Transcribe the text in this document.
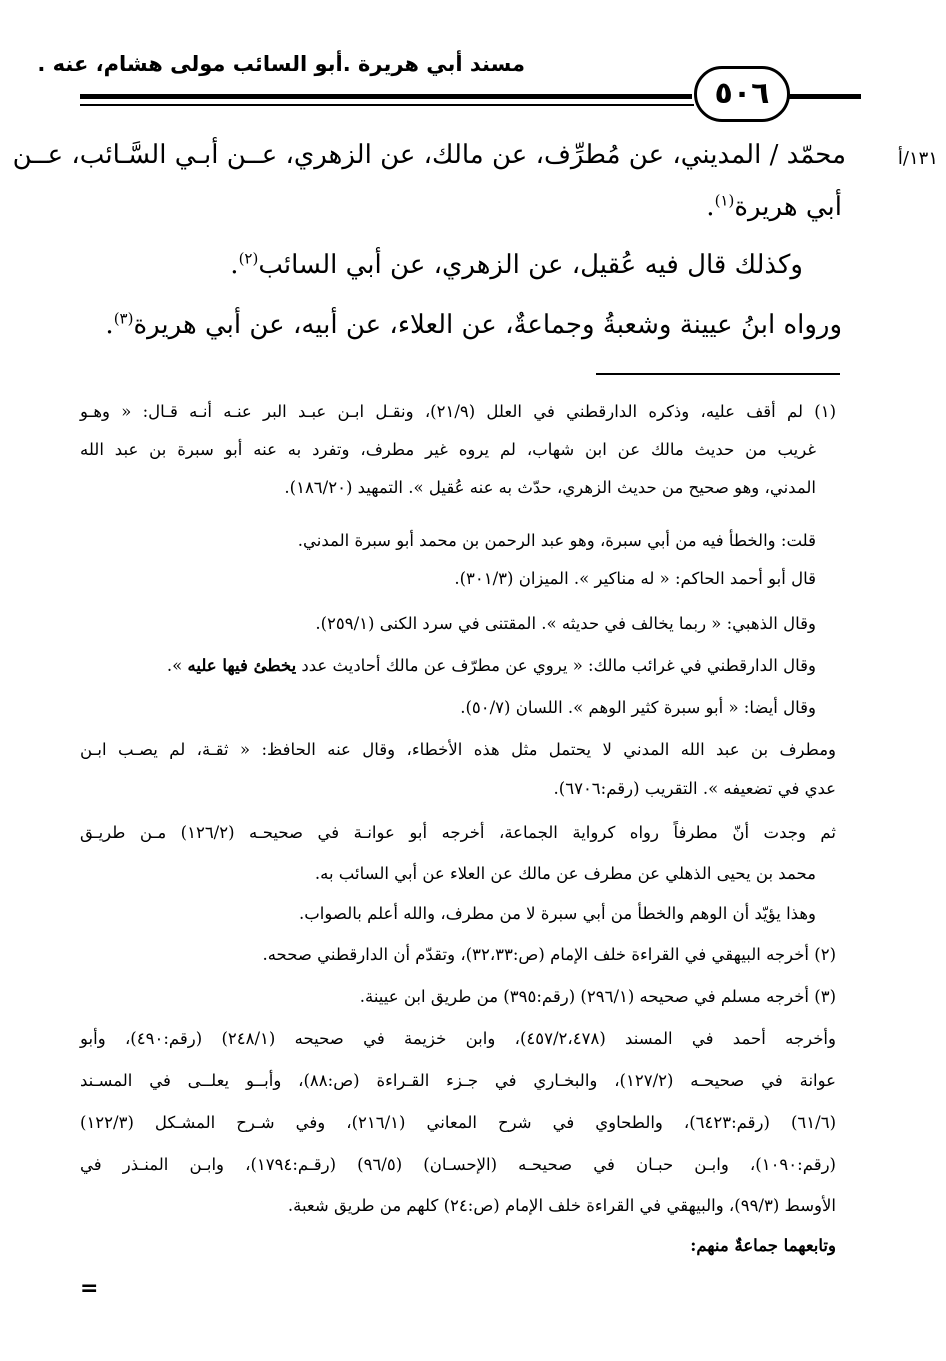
مسند أبي هريرة .أبو السائب مولى هشام، عنه .
٥٠٦
١٣١/أ
محمّد / المديني، عن مُطرِّف، عن مالك، عن الزهري، عــن أبـي السَّـائب، عــن
أبي هريرة$^{(١)}$.
وكذلك قال فيه عُقيل، عن الزهري، عن أبي السائب$^{(٢)}$.
ورواه ابنُ عيينة وشعبةُ وجماعةٌ، عن العلاء، عن أبيه، عن أبي هريرة$^{(٣)}$.
(١) لم أقف عليه، وذكره الدارقطني في العلل (٢١/٩)، ونقـل ابـن عبـد البر عنـه أنـه قـال: « وهـو
غريب من حديث مالك عن ابن شهاب، لم يروه غير مطرف، وتفرد به عنه أبو سبرة بن عبد الله
المدني، وهو صحيح من حديث الزهري، حدّث به عنه عُقيل ». التمهيد (١٨٦/٢٠).
قلت: والخطأ فيه من أبي سبرة، وهو عبد الرحمن بن محمد أبو سبرة المدني.
قال أبو أحمد الحاكم: « له مناكير ». الميزان (٣٠١/٣).
وقال الذهبي: « ربما يخالف في حديثه ». المقتنى في سرد الكنى (٢٥٩/١).
وقال الدارقطني في غرائب مالك: « يروي عن مطرّف عن مالك أحاديث عدد يخطئ فيها عليه ».
وقال أيضا: « أبو سبرة كثير الوهم ». اللسان (٥٠/٧).
ومطرف بن عبد الله المدني لا يحتمل مثل هذه الأخطاء، وقال عنه الحافظ: « ثقـة، لم يصـب ابـن
عدي في تضعيفه ». التقريب (رقم:٦٧٠٦).
ثم وجدت أنّ مطرفاً رواه كرواية الجماعة، أخرجه أبو عوانـة في صحيحـه (١٢٦/٢) مـن طريـق
محمد بن يحيى الذهلي عن مطرف عن مالك عن العلاء عن أبي السائب به.
وهذا يؤيّد أن الوهم والخطأ من أبي سبرة لا من مطرف، والله أعلم بالصواب.
(٢) أخرجه البيهقي في القراءة خلف الإمام (ص:٣٢،٣٣)، وتقدّم أن الدارقطني صححه.
(٣) أخرجه مسلم في صحيحه (٢٩٦/١) (رقم:٣٩٥) من طريق ابن عيينة.
وأخرجه أحمد في المسند (٤٥٧/٢،٤٧٨)، وابن خزيمة في صحيحه (٢٤٨/١) (رقم:٤٩٠)، وأبو
عوانة في صحيحـه (١٢٧/٢)، والبخـاري في جـزء القـراءة (ص:٨٨)، وأبــو يعلــى في المسـند
(٦١/٦) (رقم:٦٤٢٣)، والطحاوي في شرح المعاني (٢١٦/١)، وفي شـرح المشـكل (١٢٢/٣)
(رقم:١٠٩٠)، وابـن حبـان في صحيحـه (الإحسـان) (٩٦/٥) (رقـم:١٧٩٤)، وابـن المنـذر في
الأوسط (٩٩/٣)، والبيهقي في القراءة خلف الإمام (ص:٢٤) كلهم من طريق شعبة.
وتابعهما جماعةٌ منهم:
=
